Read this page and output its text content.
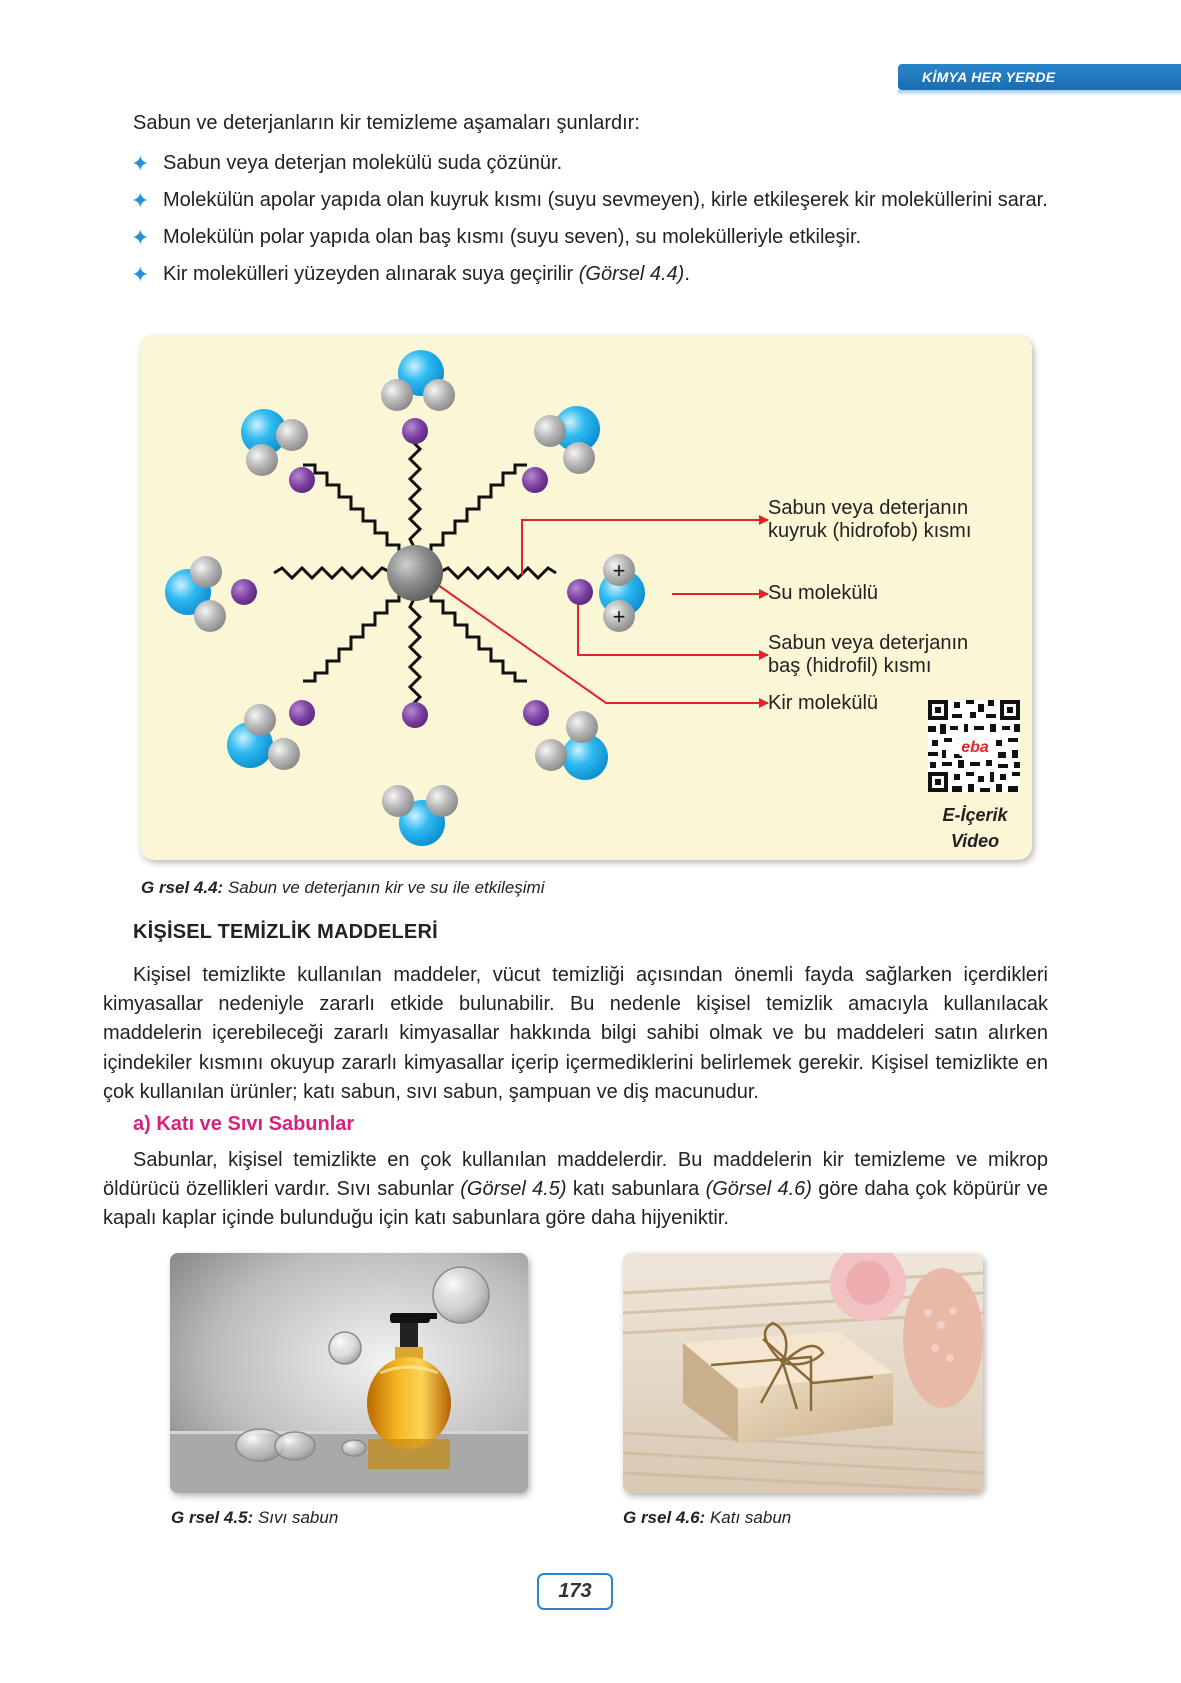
KİMYA HER YERDE
Sabun ve deterjanların kir temizleme aşamaları şunlardır:
✦ Sabun veya deterjan molekülü suda çözünür.
✦ Molekülün apolar yapıda olan kuyruk kısmı (suyu sevmeyen), kirle etkileşerek kir moleküllerini sarar.
✦ Molekülün polar yapıda olan baş kısmı (suyu seven), su molekülleriyle etkileşir.
✦ Kir molekülleri yüzeyden alınarak suya geçirilir (Görsel 4.4).
+
+
eba
Sabun veya deterjanın kuyruk (hidrofob) kısmı
Su molekülü
Sabun veya deterjanın baş (hidrofil) kısmı
Kir molekülü
E-İçerik
Video
G rsel 4.4: Sabun ve deterjanın kir ve su ile etkileşimi
KİŞİSEL TEMİZLİK MADDELERİ

Kişisel temizlikte kullanılan maddeler, vücut temizliği açısından önemli fayda sağlarken içerdikleri kimyasallar nedeniyle zararlı etkide bulunabilir. Bu nedenle kişisel temizlik amacıyla kullanılacak maddelerin içerebileceği zararlı kimyasallar hakkında bilgi sahibi olmak ve bu maddeleri satın alırken içindekiler kısmını okuyup zararlı kimyasallar içerip içermediklerini belirlemek gerekir. Kişisel temizlikte en çok kullanılan ürünler; katı sabun, sıvı sabun, şampuan ve diş macunudur.

a) Katı ve Sıvı Sabunlar

Sabunlar, kişisel temizlikte en çok kullanılan maddelerdir. Bu maddelerin kir temizleme ve mikrop öldürücü özellikleri vardır. Sıvı sabunlar (Görsel 4.5) katı sabunlara (Görsel 4.6) göre daha çok köpürür ve kapalı kaplar içinde bulunduğu için katı sabunlara göre daha hijyeniktir.

G rsel 4.5: Sıvı sabun	G rsel 4.6: Katı sabun
173
